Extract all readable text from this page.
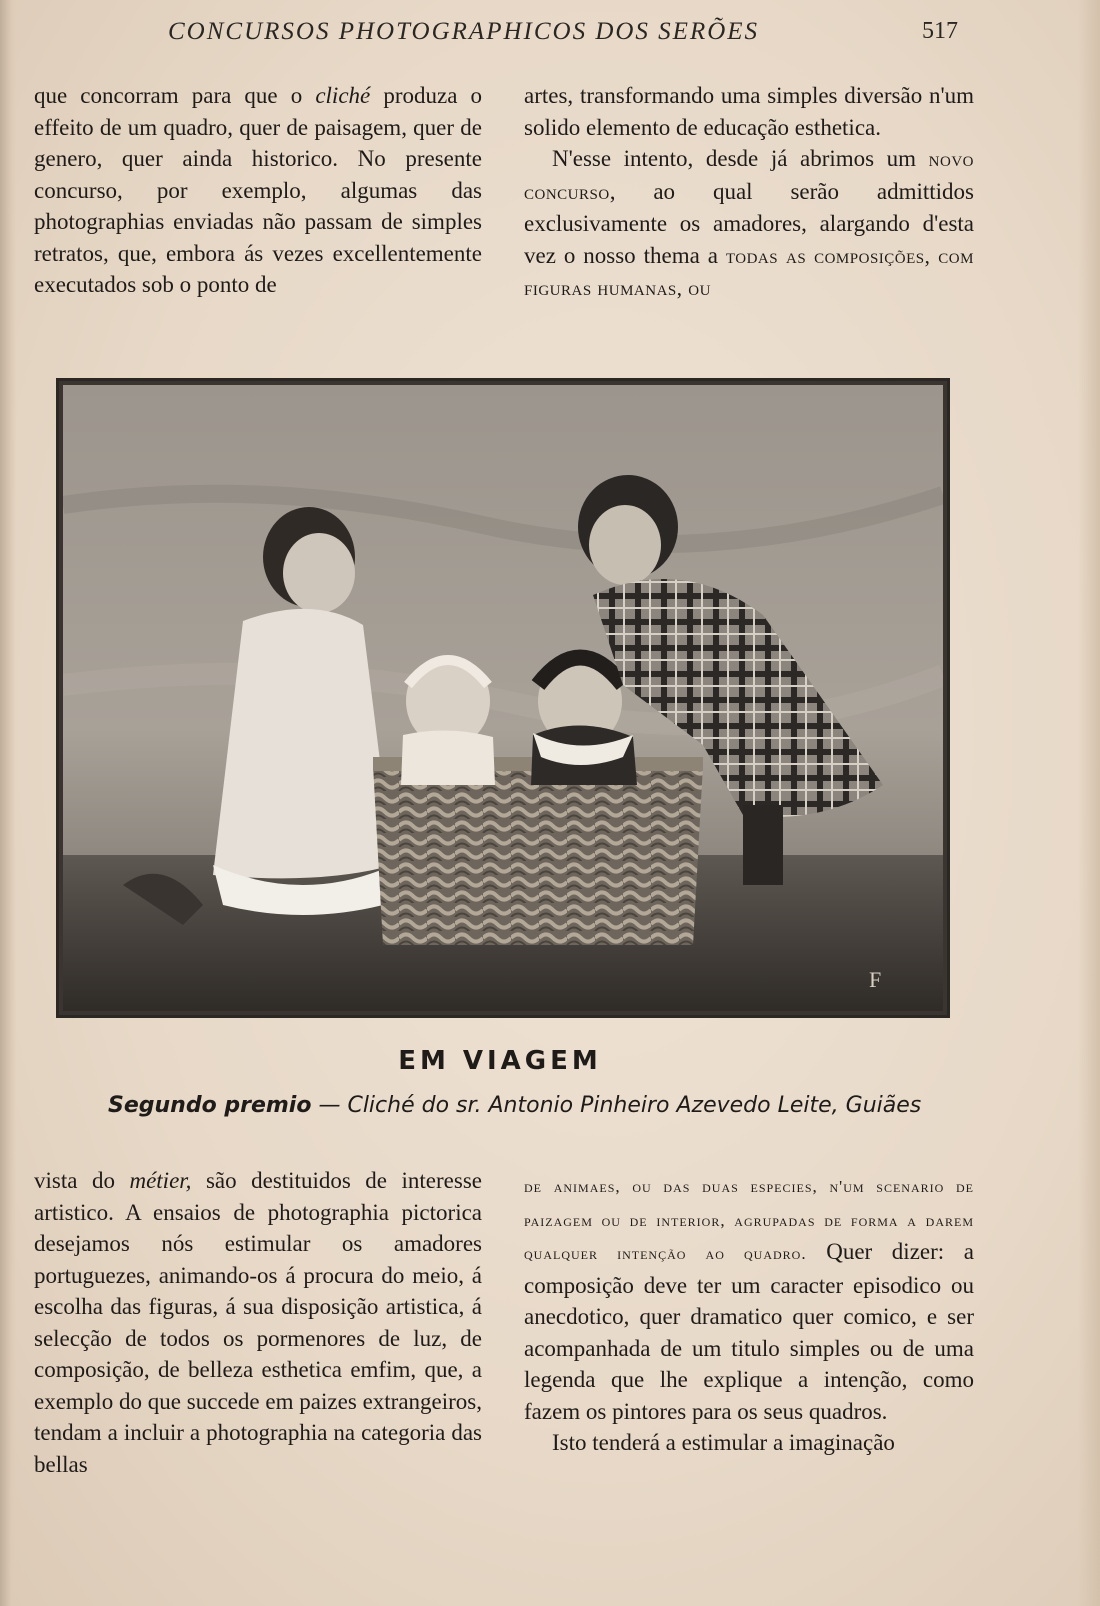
CONCURSOS PHOTOGRAPHICOS DOS SERÕES	517

que concorram para que o cliché produza o effeito de um quadro, quer de paisagem, quer de genero, quer ainda historico. No presente concurso, por exemplo, algumas das photographias enviadas não passam de simples retratos, que, embora ás vezes excellentemente executados sob o ponto de

artes, transformando uma simples diversão n'um solido elemento de educação esthetica.

N'esse intento, desde já abrimos um novo concurso, ao qual serão admittidos exclusivamente os amadores, alargando d'esta vez o nosso thema a todas as composições, com figuras humanas, ou

F
EM VIAGEM
Segundo premio — Cliché do sr. Antonio Pinheiro Azevedo Leite, Guiães

vista do métier, são destituidos de interesse artistico. A ensaios de photographia pictorica desejamos nós estimular os amadores portuguezes, animando-os á procura do meio, á escolha das figuras, á sua disposição artistica, á selecção de todos os pormenores de luz, de composição, de belleza esthetica emfim, que, a exemplo do que succede em paizes extrangeiros, tendam a incluir a photographia na categoria das bellas

de animaes, ou das duas especies, n'um scenario de paizagem ou de interior, agrupadas de forma a darem qualquer intenção ao quadro. Quer dizer: a composição deve ter um caracter episodico ou anecdotico, quer dramatico quer comico, e ser acompanhada de um titulo simples ou de uma legenda que lhe explique a intenção, como fazem os pintores para os seus quadros.

Isto tenderá a estimular a imaginação
